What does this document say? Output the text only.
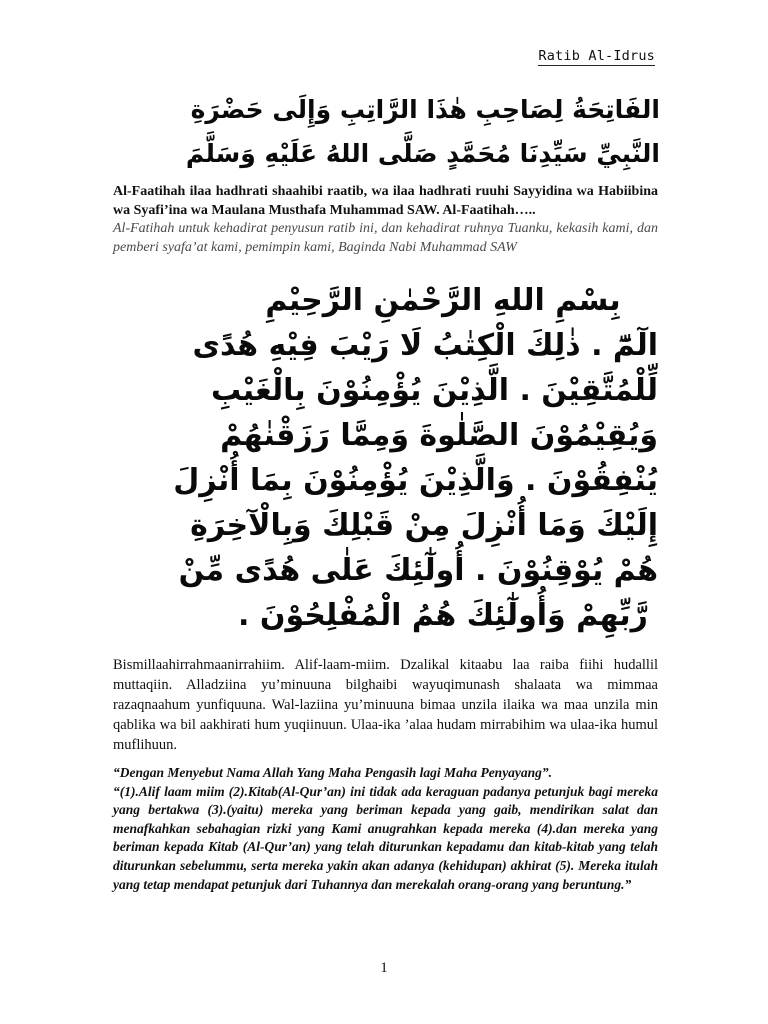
Ratib Al-Idrus
الفَاتِحَةُ لِصَاحِبِ هٰذَا الرَّاتِبِ وَإِلَى حَضْرَةِ
النَّبِيِّ سَيِّدِنَا مُحَمَّدٍ صَلَّى اللهُ عَلَيْهِ وَسَلَّمَ
Al-Faatihah ilaa hadhrati shaahibi raatib, wa ilaa hadhrati ruuhi Sayyidina wa Habiibina wa Syafi’ina wa Maulana Musthafa Muhammad SAW. Al-Faatihah…..
Al-Fatihah untuk kehadirat penyusun ratib ini, dan kehadirat ruhnya Tuanku, kekasih kami, dan pemberi syafa’at kami, pemimpin kami, Baginda Nabi Muhammad SAW
بِسْمِ اللهِ الرَّحْمٰنِ الرَّحِيْمِ
الٓمّٓ . ذٰلِكَ الْكِتٰبُ لَا رَيْبَ فِيْهِ هُدًى
لِّلْمُتَّقِيْنَ . الَّذِيْنَ يُؤْمِنُوْنَ بِالْغَيْبِ
وَيُقِيْمُوْنَ الصَّلٰوةَ وَمِمَّا رَزَقْنٰهُمْ
يُنْفِقُوْنَ . وَالَّذِيْنَ يُؤْمِنُوْنَ بِمَا أُنْزِلَ
إِلَيْكَ وَمَا أُنْزِلَ مِنْ قَبْلِكَ وَبِالْآخِرَةِ
هُمْ يُوْقِنُوْنَ . أُولٰٓئِكَ عَلٰى هُدًى مِّنْ
رَّبِّهِمْ وَأُولٰٓئِكَ هُمُ الْمُفْلِحُوْنَ .
Bismillaahirrahmaanirrahiim. Alif-laam-miim. Dzalikal kitaabu laa raiba fiihi hudallil muttaqiin. Alladziina yu’minuuna bilghaibi wayuqimunash shalaata wa mimmaa razaqnaahum yunfiquuna. Wal-laziina yu’minuuna bimaa unzila ilaika wa maa unzila min qablika wa bil aakhirati hum yuqiinuun. Ulaa-ika ’alaa hudam mirrabihim wa ulaa-ika humul muflihuun.
“Dengan Menyebut Nama Allah Yang Maha Pengasih lagi Maha Penyayang”.
“(1).Alif laam miim (2).Kitab(Al-Qur’an) ini tidak ada keraguan padanya petunjuk bagi mereka yang bertakwa (3).(yaitu) mereka yang beriman kepada yang gaib, mendirikan salat dan menafkahkan sebahagian rizki yang Kami anugrahkan kepada mereka (4).dan mereka yang beriman kepada Kitab (Al-Qur’an) yang telah diturunkan kepadamu dan kitab-kitab yang telah diturunkan sebelummu, serta mereka yakin akan adanya (kehidupan) akhirat (5). Mereka itulah yang tetap mendapat petunjuk dari Tuhannya dan merekalah orang-orang yang beruntung.”
1
